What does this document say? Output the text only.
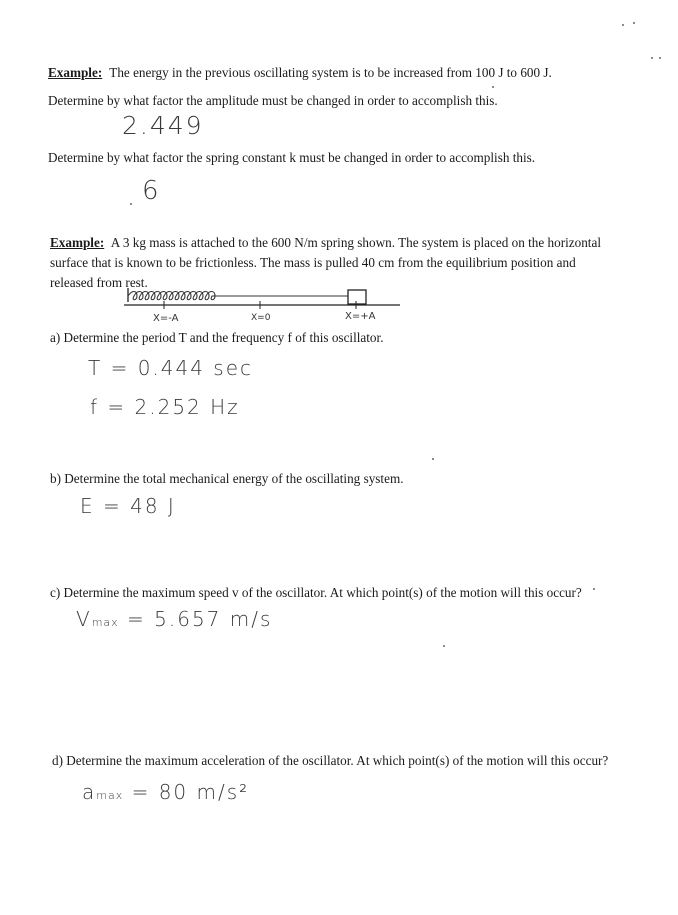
Example: The energy in the previous oscillating system is to be increased from 100 J to 600 J.
Determine by what factor the amplitude must be changed in order to accomplish this.
2.449
Determine by what factor the spring constant k must be changed in order to accomplish this.
6
Example: A 3 kg mass is attached to the 600 N/m spring shown. The system is placed on the horizontal surface that is known to be frictionless. The mass is pulled 40 cm from the equilibrium position and released from rest.
X=-A	X=0	X=+A
a) Determine the period T and the frequency f of this oscillator.
T = 0.444 sec
f = 2.252 Hz
b) Determine the total mechanical energy of the oscillating system.
E = 48 J
c) Determine the maximum speed v of the oscillator. At which point(s) of the motion will this occur?
Vmax = 5.657 m/s
d) Determine the maximum acceleration of the oscillator. At which point(s) of the motion will this occur?
amax = 80 m/s²
